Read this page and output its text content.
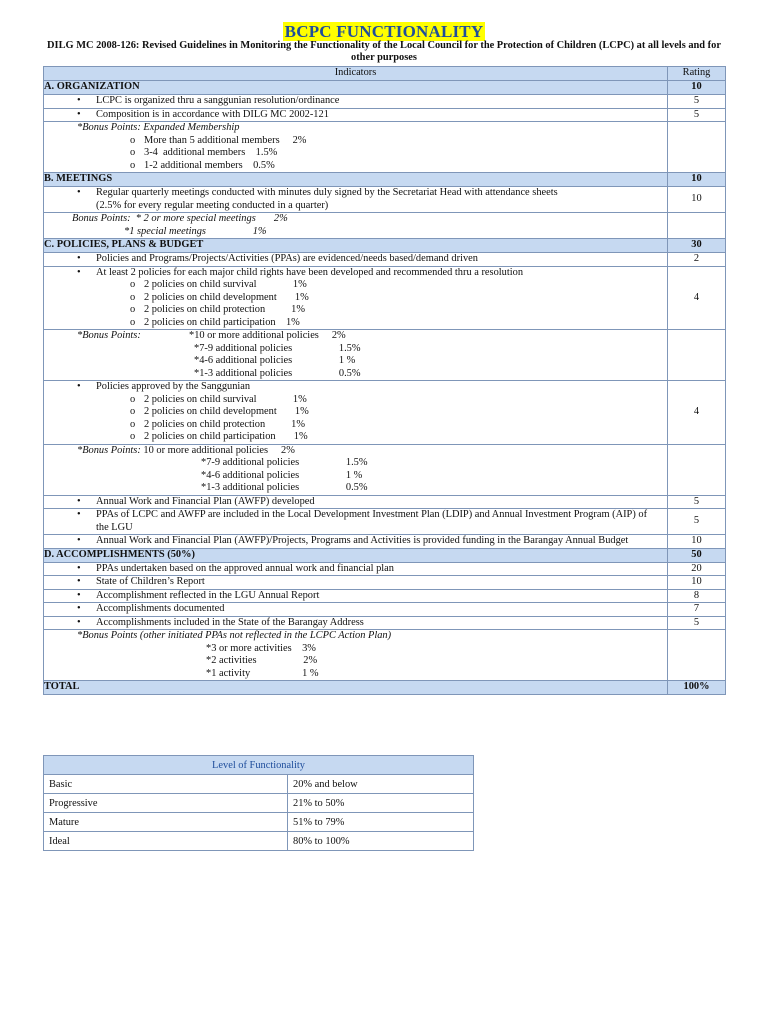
BCPC FUNCTIONALITY
DILG MC 2008-126: Revised Guidelines in Monitoring the Functionality of the Local Council for the Protection of Children (LCPC) at all levels and for other purposes
Indicators	Rating
A. ORGANIZATION	10

• LCPC is organized thru a sanggunian resolution/ordinance	5

• Composition is in accordance with DILG MC 2002-121	5

*Bonus Points: Expanded Membership
o More than 5 additional members     2%
o 3-4  additional members    1.5%
o 1-2 additional members    0.5%

B. MEETINGS	10

• Regular quarterly meetings conducted with minutes duly signed by the Secretariat Head with attendance sheets
(2.5% for every regular meeting conducted in a quarter)	10

Bonus Points:  * 2 or more special meetings       2%
*1 special meetings                  1%	

C. POLICIES, PLANS & BUDGET	30

• Policies and Programs/Projects/Activities (PPAs) are evidenced/needs based/demand driven	2

• At least 2 policies for each major child rights have been developed and recommended thru a resolution
o 2 policies on child survival              1%
o 2 policies on child development       1%
o 2 policies on child protection          1%
o 2 policies on child participation    1%	4

*Bonus Points: *10 or more additional policies     2%
*7-9 additional policies                  1.5%
*4-6 additional policies                  1 %
*1-3 additional policies                  0.5%	

• Policies approved by the Sanggunian
o 2 policies on child survival              1%
o 2 policies on child development       1%
o 2 policies on child protection          1%
o 2 policies on child participation       1%	4

*Bonus Points: 10 or more additional policies     2%
*7-9 additional policies                  1.5%
*4-6 additional policies                  1 %
*1-3 additional policies                  0.5%	

• Annual Work and Financial Plan (AWFP) developed	5

• PPAs of LCPC and AWFP are included in the Local Development Investment Plan (LDIP) and Annual Investment Program (AIP) of the LGU	5

• Annual Work and Financial Plan (AWFP)/Projects, Programs and Activities is provided funding in the Barangay Annual Budget	10
D. ACCOMPLISHMENTS (50%)	50

• PPAs undertaken based on the approved annual work and financial plan	20

• State of Children’s Report	10

• Accomplishment reflected in the LGU Annual Report	8

• Accomplishments documented	7

• Accomplishments included in the State of the Barangay Address	5

*Bonus Points (other initiated PPAs not reflected in the LCPC Action Plan)
*3 or more activities    3%
*2 activities                  2%
*1 activity                    1 %	

TOTAL	100%
Level of Functionality	
Basic	20% and below
Progressive	21% to 50%
Mature	51% to 79%
Ideal	80% to 100%
